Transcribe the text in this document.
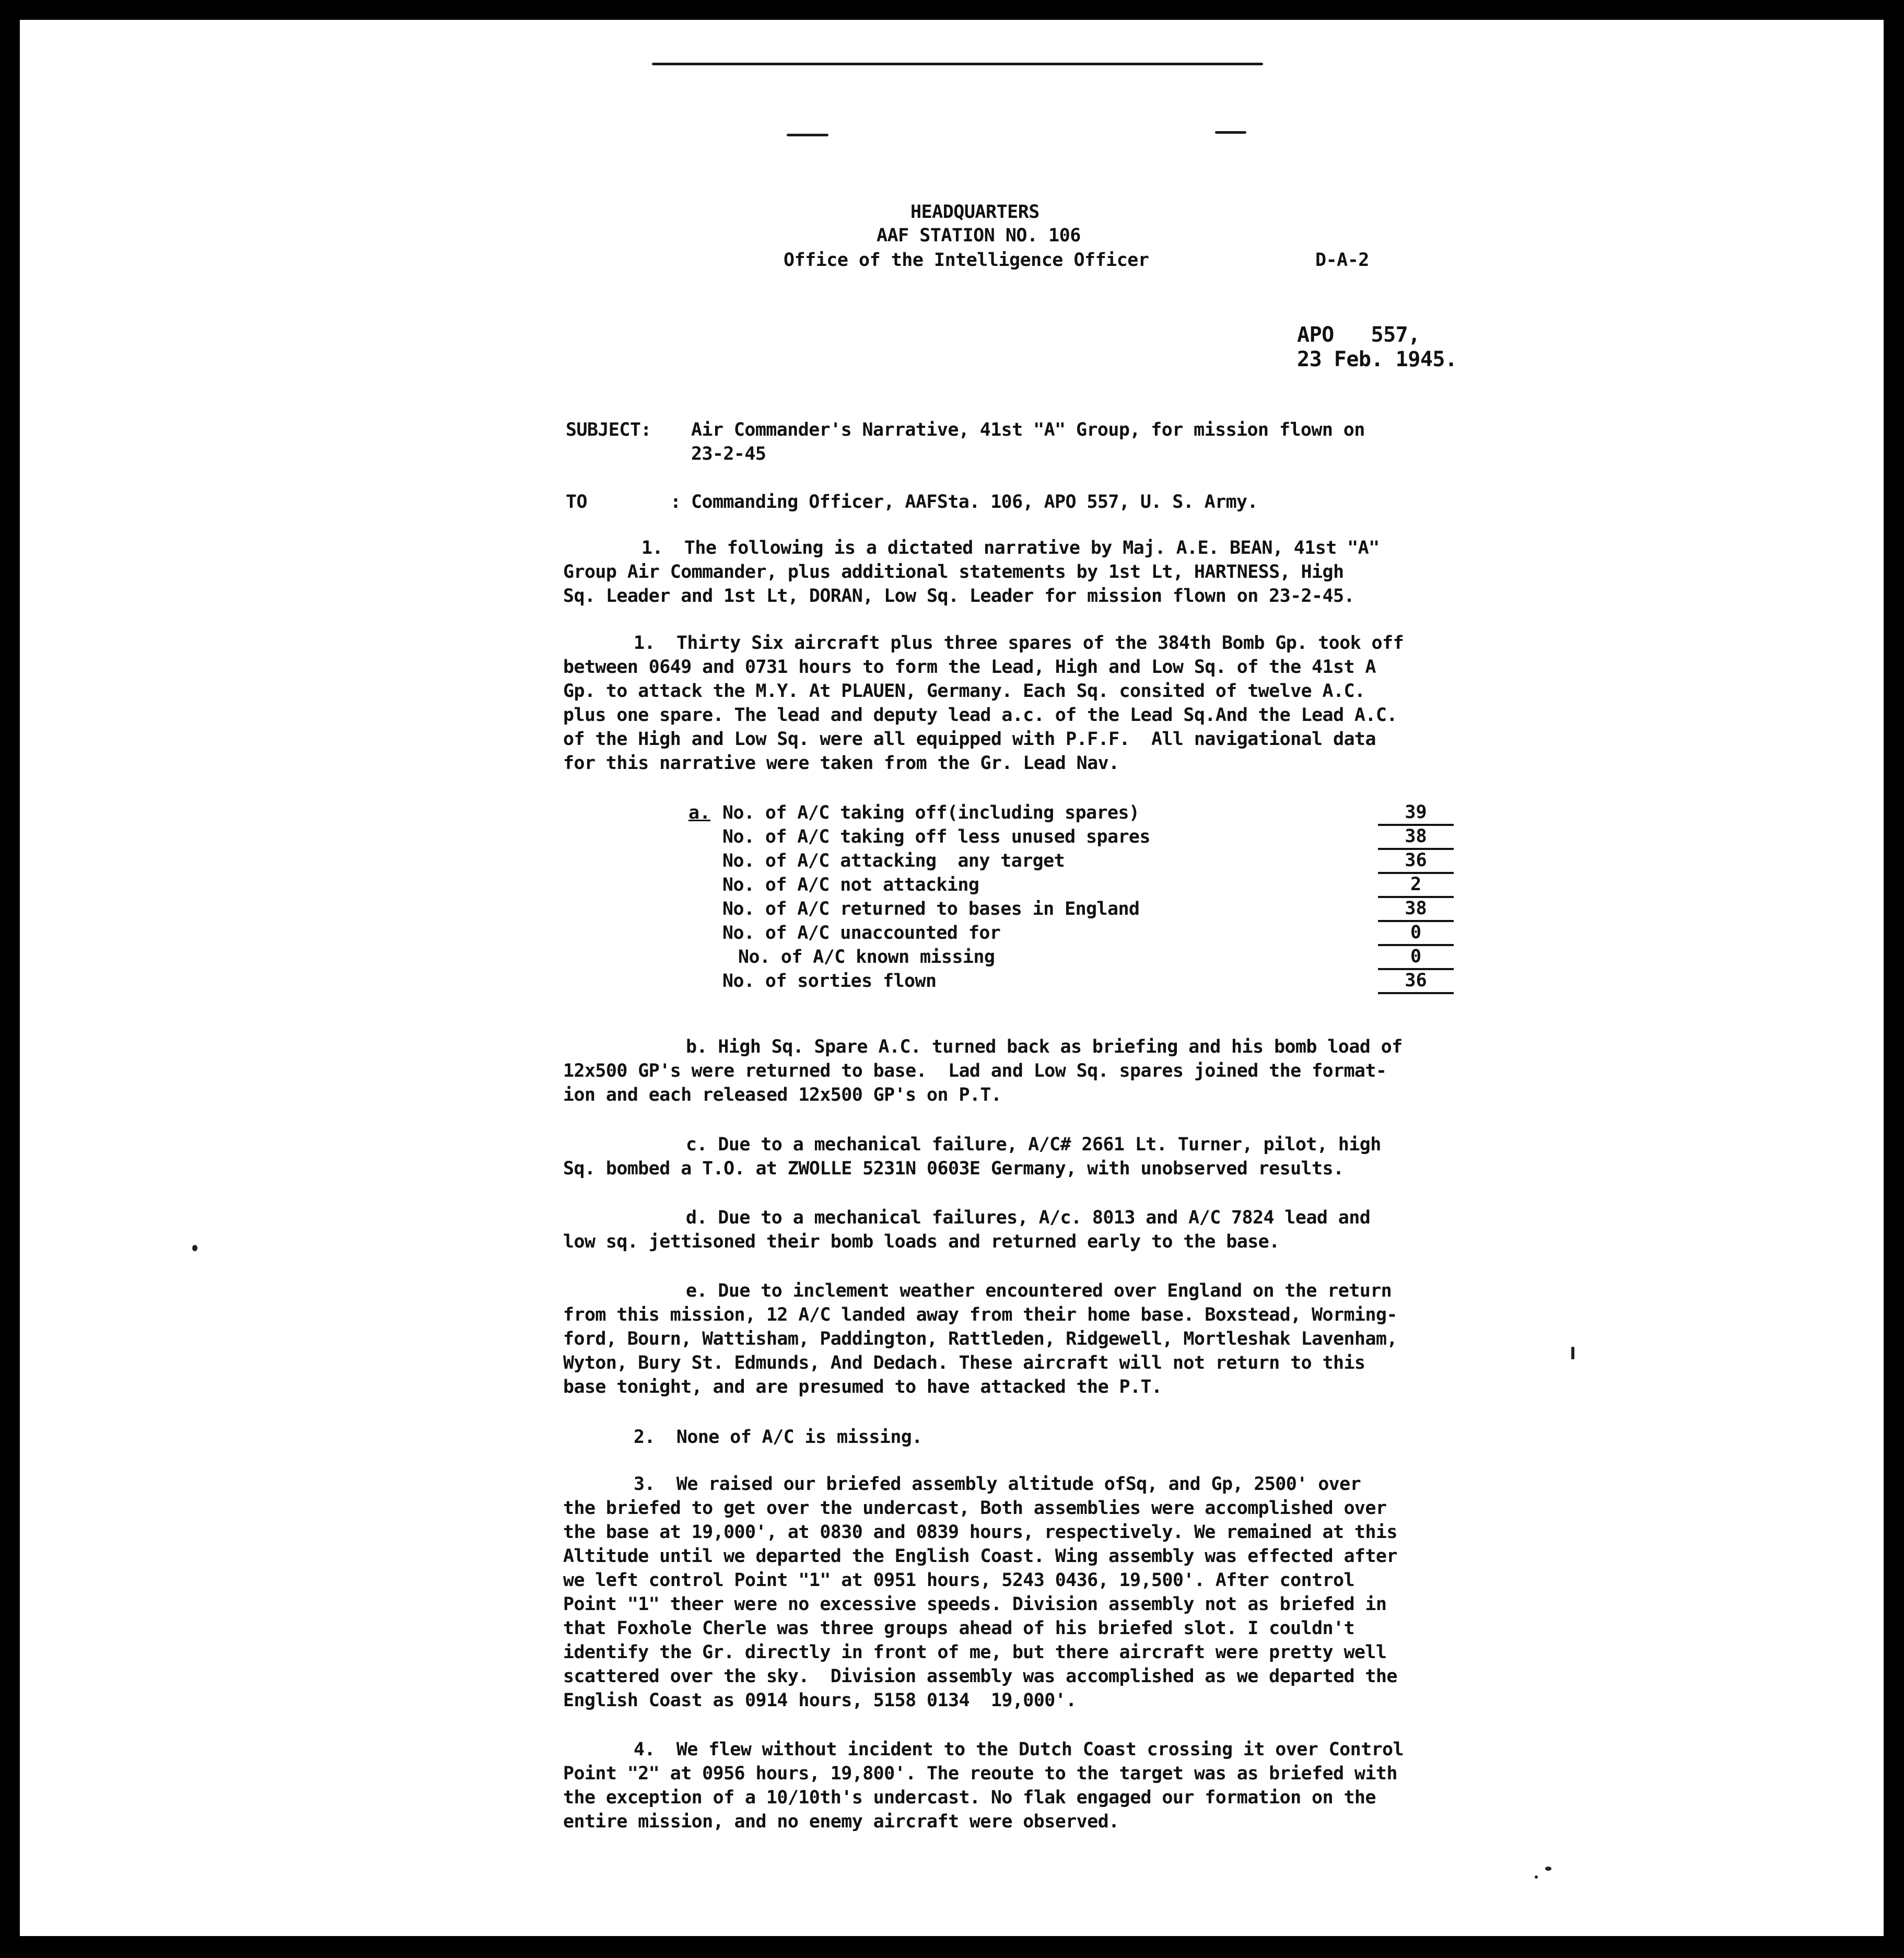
HEADQUARTERS
AAF STATION NO. 106
Office of the Intelligence Officer	D-A-2
APO   557,
23 Feb. 1945.
SUBJECT: Air Commander's Narrative, 41st "A" Group, for mission flown on
23-2-45
TO	: Commanding Officer, AAFSta. 106, APO 557, U. S. Army.
1.  The following is a dictated narrative by Maj. A.E. BEAN, 41st "A"
Group Air Commander, plus additional statements by 1st Lt, HARTNESS, High
Sq. Leader and 1st Lt, DORAN, Low Sq. Leader for mission flown on 23-2-45.
1.  Thirty Six aircraft plus three spares of the 384th Bomb Gp. took off
between 0649 and 0731 hours to form the Lead, High and Low Sq. of the 41st A
Gp. to attack the M.Y. At PLAUEN, Germany. Each Sq. consited of twelve A.C.
plus one spare. The lead and deputy lead a.c. of the Lead Sq.And the Lead A.C.
of the High and Low Sq. were all equipped with P.F.F.  All navigational data
for this narrative were taken from the Gr. Lead Nav.
a. No. of A/C taking off(including spares)	39
No. of A/C taking off less unused spares	38
No. of A/C attacking  any target	36
No. of A/C not attacking	2
No. of A/C returned to bases in England	38
No. of A/C unaccounted for	0
No. of A/C known missing	0
No. of sorties flown	36
b. High Sq. Spare A.C. turned back as briefing and his bomb load of
12x500 GP's were returned to base.  Lad and Low Sq. spares joined the format-
ion and each released 12x500 GP's on P.T.
c. Due to a mechanical failure, A/C# 2661 Lt. Turner, pilot, high
Sq. bombed a T.O. at ZWOLLE 5231N 0603E Germany, with unobserved results.
d. Due to a mechanical failures, A/c. 8013 and A/C 7824 lead and
low sq. jettisoned their bomb loads and returned early to the base.
e. Due to inclement weather encountered over England on the return
from this mission, 12 A/C landed away from their home base. Boxstead, Worming-
ford, Bourn, Wattisham, Paddington, Rattleden, Ridgewell, Mortleshak Lavenham,
Wyton, Bury St. Edmunds, And Dedach. These aircraft will not return to this
base tonight, and are presumed to have attacked the P.T.
2.  None of A/C is missing.
3.  We raised our briefed assembly altitude ofSq, and Gp, 2500' over
the briefed to get over the undercast, Both assemblies were accomplished over
the base at 19,000', at 0830 and 0839 hours, respectively. We remained at this
Altitude until we departed the English Coast. Wing assembly was effected after
we left control Point "1" at 0951 hours, 5243 0436, 19,500'. After control
Point "1" theer were no excessive speeds. Division assembly not as briefed in
that Foxhole Cherle was three groups ahead of his briefed slot. I couldn't
identify the Gr. directly in front of me, but there aircraft were pretty well
scattered over the sky.  Division assembly was accomplished as we departed the
English Coast as 0914 hours, 5158 0134  19,000'.
4.  We flew without incident to the Dutch Coast crossing it over Control
Point "2" at 0956 hours, 19,800'. The reoute to the target was as briefed with
the exception of a 10/10th's undercast. No flak engaged our formation on the
entire mission, and no enemy aircraft were observed.
